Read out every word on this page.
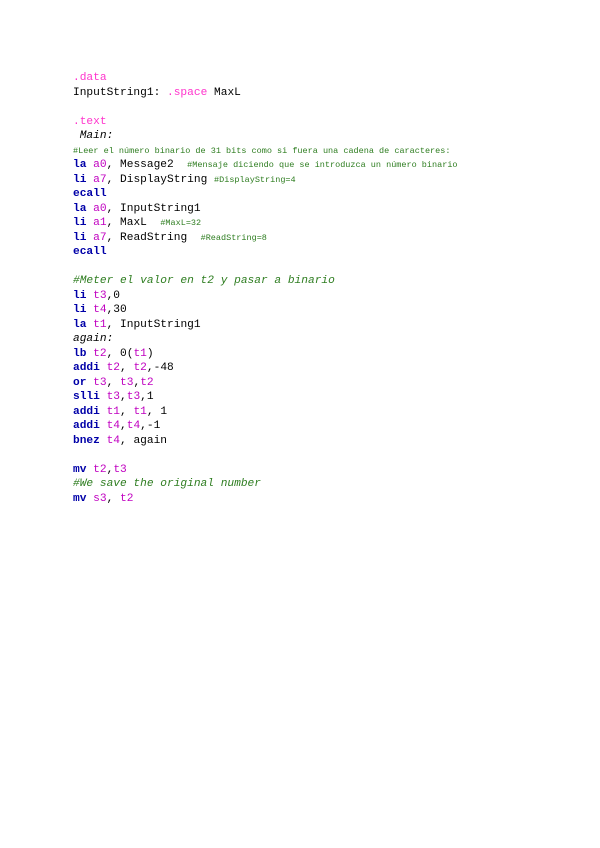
.data
InputString1: .space MaxL
.text
Main:
#Leer el número binario de 31 bits como si fuera una cadena de caracteres:
la a0, Message2  #Mensaje diciendo que se introduzca un número binario
li a7, DisplayString #DisplayString=4
ecall
la a0, InputString1
li a1, MaxL  #MaxL=32
li a7, ReadString  #ReadString=8
ecall
#Meter el valor en t2 y pasar a binario
li t3,0
li t4,30
la t1, InputString1
again:
lb t2, 0(t1)
addi t2, t2,-48
or t3, t3,t2
slli t3,t3,1
addi t1, t1, 1
addi t4,t4,-1
bnez t4, again
mv t2,t3
#We save the original number
mv s3, t2
